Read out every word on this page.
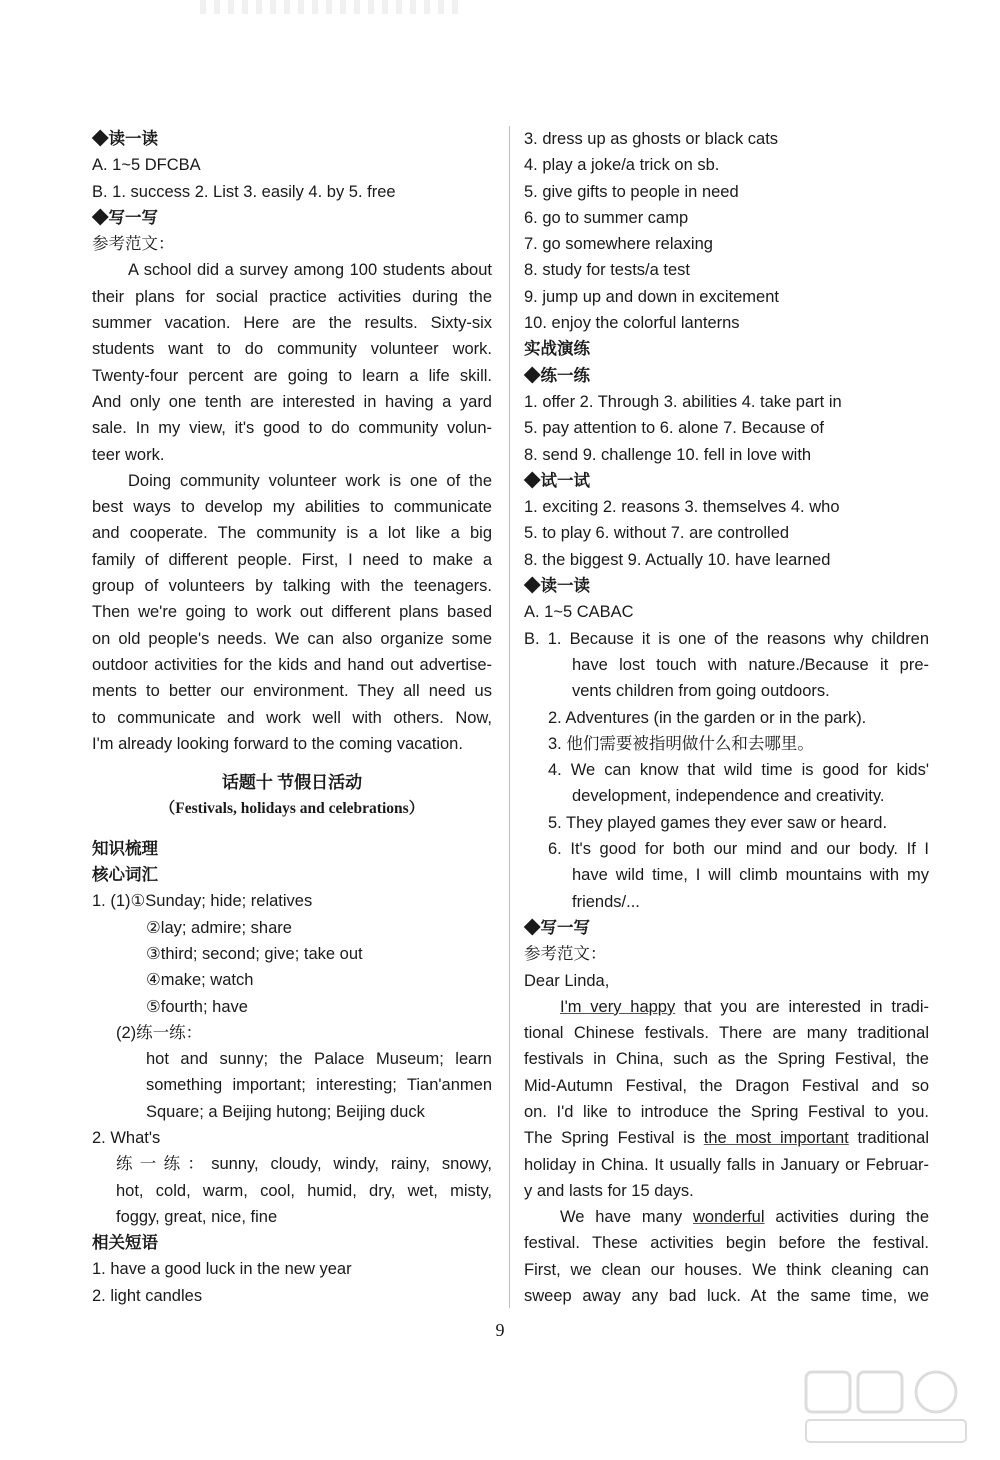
◆读一读
A. 1~5 DFCBA
B. 1. success 2. List 3. easily 4. by 5. free
◆写一写
参考范文：
A school did a survey among 100 students about
their plans for social practice activities during the
summer vacation. Here are the results. Sixty-six
students want to do community volunteer work.
Twenty-four percent are going to learn a life skill.
And only one tenth are interested in having a yard
sale. In my view, it's good to do community volun-
teer work.
Doing community volunteer work is one of the
best ways to develop my abilities to communicate
and cooperate. The community is a lot like a big
family of different people. First, I need to make a
group of volunteers by talking with the teenagers.
Then we're going to work out different plans based
on old people's needs. We can also organize some
outdoor activities for the kids and hand out advertise-
ments to better our environment. They all need us
to communicate and work well with others. Now,
I'm already looking forward to the coming vacation.
话题十 节假日活动
（Festivals, holidays and celebrations）
知识梳理
核心词汇
1. (1)①Sunday; hide; relatives
②lay; admire; share
③third; second; give; take out
④make; watch
⑤fourth; have
(2)练一练：
hot and sunny; the Palace Museum; learn
something important; interesting; Tian'anmen
Square; a Beijing hutong; Beijing duck
2. What's
练一练：sunny, cloudy, windy, rainy, snowy,
hot, cold, warm, cool, humid, dry, wet, misty,
foggy, great, nice, fine
相关短语
1. have a good luck in the new year
2. light candles
3. dress up as ghosts or black cats
4. play a joke/a trick on sb.
5. give gifts to people in need
6. go to summer camp
7. go somewhere relaxing
8. study for tests/a test
9. jump up and down in excitement
10. enjoy the colorful lanterns
实战演练
◆练一练
1. offer 2. Through 3. abilities 4. take part in
5. pay attention to 6. alone 7. Because of
8. send 9. challenge 10. fell in love with
◆试一试
1. exciting 2. reasons 3. themselves 4. who
5. to play 6. without 7. are controlled
8. the biggest 9. Actually 10. have learned
◆读一读
A. 1~5 CABAC
B. 1. Because it is one of the reasons why children
have lost touch with nature./Because it pre-
vents children from going outdoors.
2. Adventures (in the garden or in the park).
3. 他们需要被指明做什么和去哪里。
4. We can know that wild time is good for kids'
development, independence and creativity.
5. They played games they ever saw or heard.
6. It's good for both our mind and our body. If I
have wild time, I will climb mountains with my
friends/...
◆写一写
参考范文：
Dear Linda,
I'm very happy that you are interested in tradi-
tional Chinese festivals. There are many traditional
festivals in China, such as the Spring Festival, the
Mid-Autumn Festival, the Dragon Festival and so
on. I'd like to introduce the Spring Festival to you.
The Spring Festival is the most important traditional
holiday in China. It usually falls in January or Februar-
y and lasts for 15 days.
We have many wonderful activities during the
festival. These activities begin before the festival.
First, we clean our houses. We think cleaning can
sweep away any bad luck. At the same time, we
9
